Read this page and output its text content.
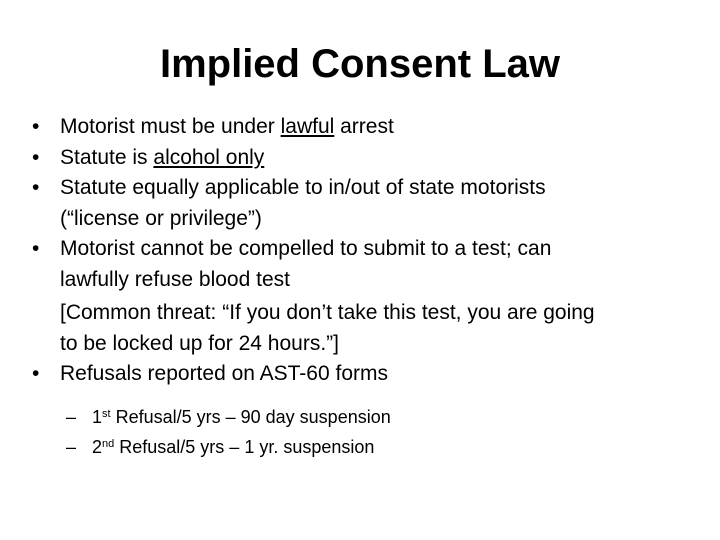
Implied Consent Law
• Motorist must be under lawful arrest
• Statute is alcohol only
• Statute equally applicable to in/out of state motorists
(“license or privilege”)
• Motorist cannot be compelled to submit to a test; can
lawfully refuse blood test
[Common threat: “If you don’t take this test, you are going
to be locked up for 24 hours.”]
• Refusals reported on AST-60 forms
– 1st Refusal/5 yrs – 90 day suspension
– 2nd Refusal/5 yrs – 1 yr. suspension
